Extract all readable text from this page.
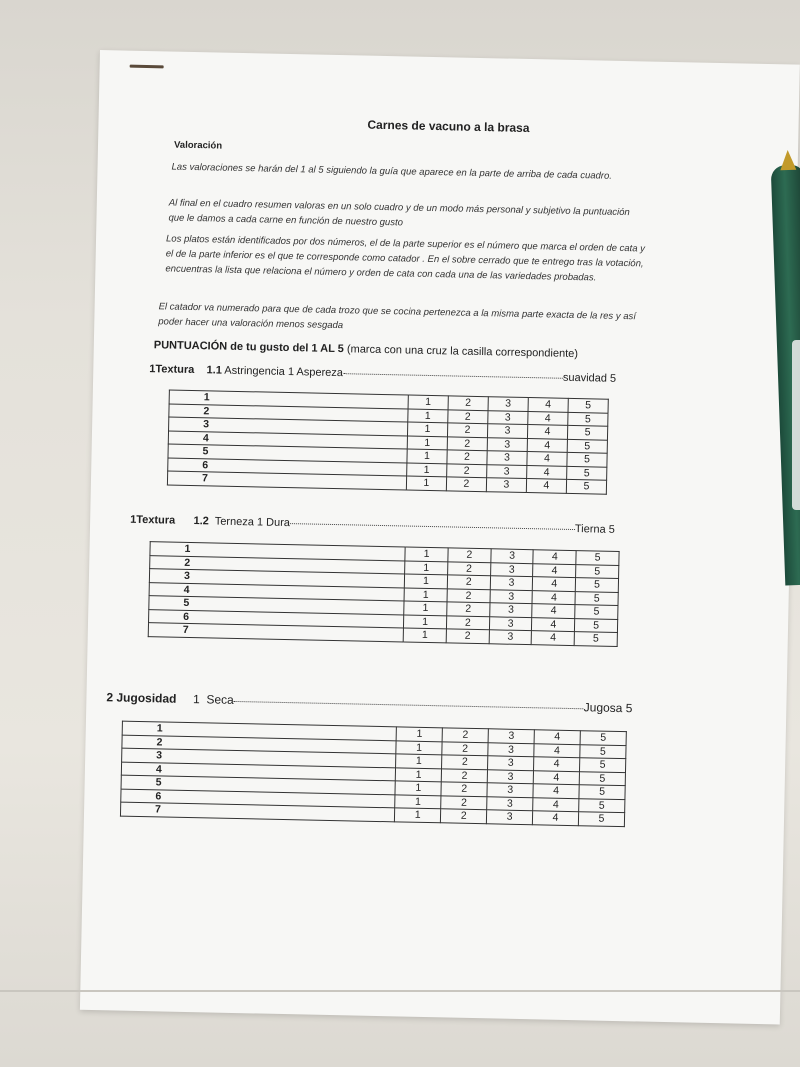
Carnes de vacuno a la brasa
Valoración
Las valoraciones se harán del 1 al 5 siguiendo la guía que aparece en la parte de arriba de cada cuadro.
Al final en el cuadro resumen valoras en un solo cuadro y de un modo más personal y subjetivo la puntuación que le damos a cada carne en función de nuestro gusto
Los platos están identificados por dos números, el de la parte superior es el número que marca el orden de cata y el de la parte inferior es el que te corresponde como catador . En el sobre cerrado que te entrego tras la votación, encuentras la lista que relaciona el número y orden de cata con cada una de las variedades probadas.
El catador va numerado para que de cada trozo que se cocina pertenezca a la misma parte exacta de la res y así poder hacer una valoración menos sesgada
PUNTUACIÓN de tu gusto del 1 AL 5 (marca con una cruz la casilla correspondiente)
1Textura 1.1 Astringencia 1 Aspereza	suavidad 5
1	1	2	3	4	5
2	1	2	3	4	5
3	1	2	3	4	5
4	1	2	3	4	5
5	1	2	3	4	5
6	1	2	3	4	5
7	1	2	3	4	5
1Textura 1.2 Terneza 1 DuraTierna 5
1	1	2	3	4	5
2	1	2	3	4	5
3	1	2	3	4	5
4	1	2	3	4	5
5	1	2	3	4	5
6	1	2	3	4	5
7	1	2	3	4	5
2 Jugosidad 1 SecaJugosa 5
1	1	2	3	4	5
2	1	2	3	4	5
3	1	2	3	4	5
4	1	2	3	4	5
5	1	2	3	4	5
6	1	2	3	4	5
7	1	2	3	4	5
